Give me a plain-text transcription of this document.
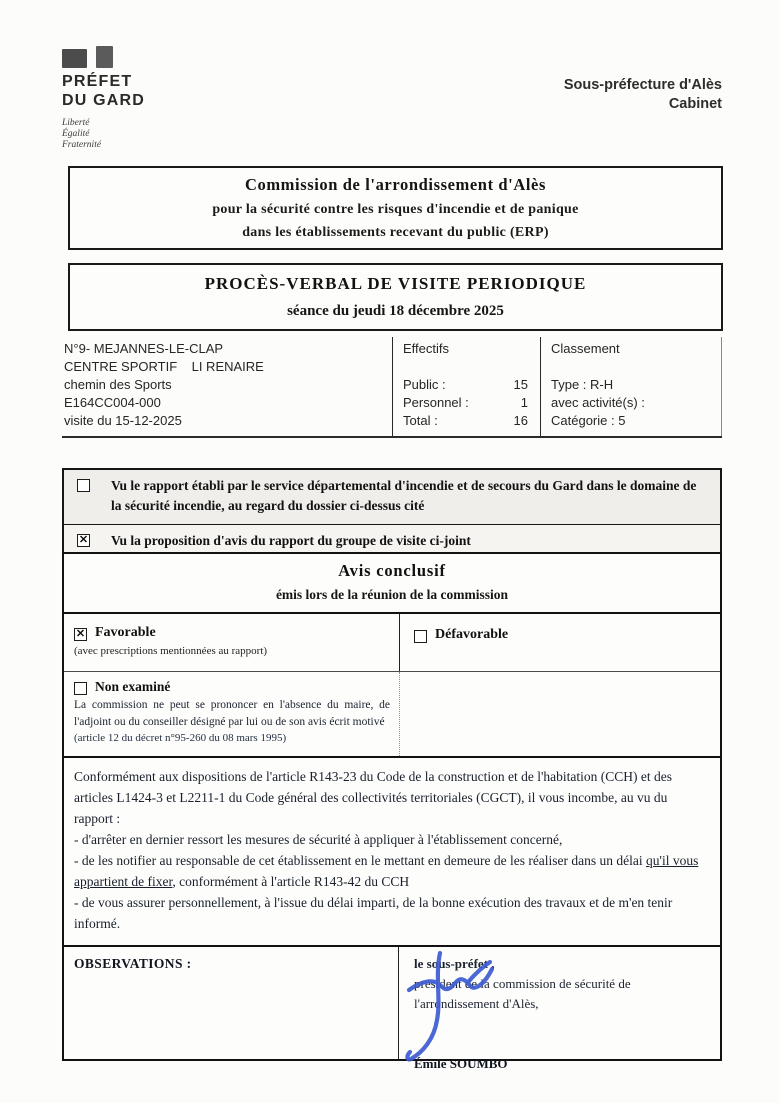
PRÉFET
DU GARD
Liberté
Égalité
Fraternité
Sous-préfecture d'Alès
Cabinet
Commission de l'arrondissement d'Alès
pour la sécurité contre les risques d'incendie et de panique
dans les établissements recevant du public (ERP)
PROCÈS-VERBAL DE VISITE PERIODIQUE
séance du jeudi 18 décembre 2025
N°9- MEJANNES-LE-CLAP
CENTRE SPORTIF    LI RENAIRE
chemin des Sports
E164CC004-000
visite du 15-12-2025
Effectifs
Public :	15
Personnel :	1
Total :	16
Classement
Type : R-H
avec activité(s) :
Catégorie : 5
Vu le rapport établi par le service départemental d'incendie et de secours du Gard dans le domaine de la sécurité incendie, au regard du dossier ci-dessus cité
✕
Vu la proposition d'avis du rapport du groupe de visite ci-joint
Avis conclusif
émis lors de la réunion de la commission
✕
Favorable
(avec prescriptions mentionnées au rapport)
Défavorable
Non examiné
La commission ne peut se prononcer en l'absence du maire, de l'adjoint ou du conseiller désigné par lui ou de son avis écrit motivé
(article 12 du décret n°95-260 du 08 mars 1995)

Conformément aux dispositions de l'article R143-23 du Code de la construction et de l'habitation (CCH) et des articles L1424-3 et L2211-1 du Code général des collectivités territoriales (CGCT), il vous incombe, au vu du rapport :

- d'arrêter en dernier ressort les mesures de sécurité à appliquer à l'établissement concerné,

- de les notifier au responsable de cet établissement en le mettant en demeure de les réaliser dans un délai qu'il vous appartient de fixer, conformément à l'article R143-42 du CCH

- de vous assurer personnellement, à l'issue du délai imparti, de la bonne exécution des travaux et de m'en tenir informé.

OBSERVATIONS :	le sous-préfet ,
président de la commission de sécurité de
l'arrondissement d'Alès,
Émile SOUMBO
